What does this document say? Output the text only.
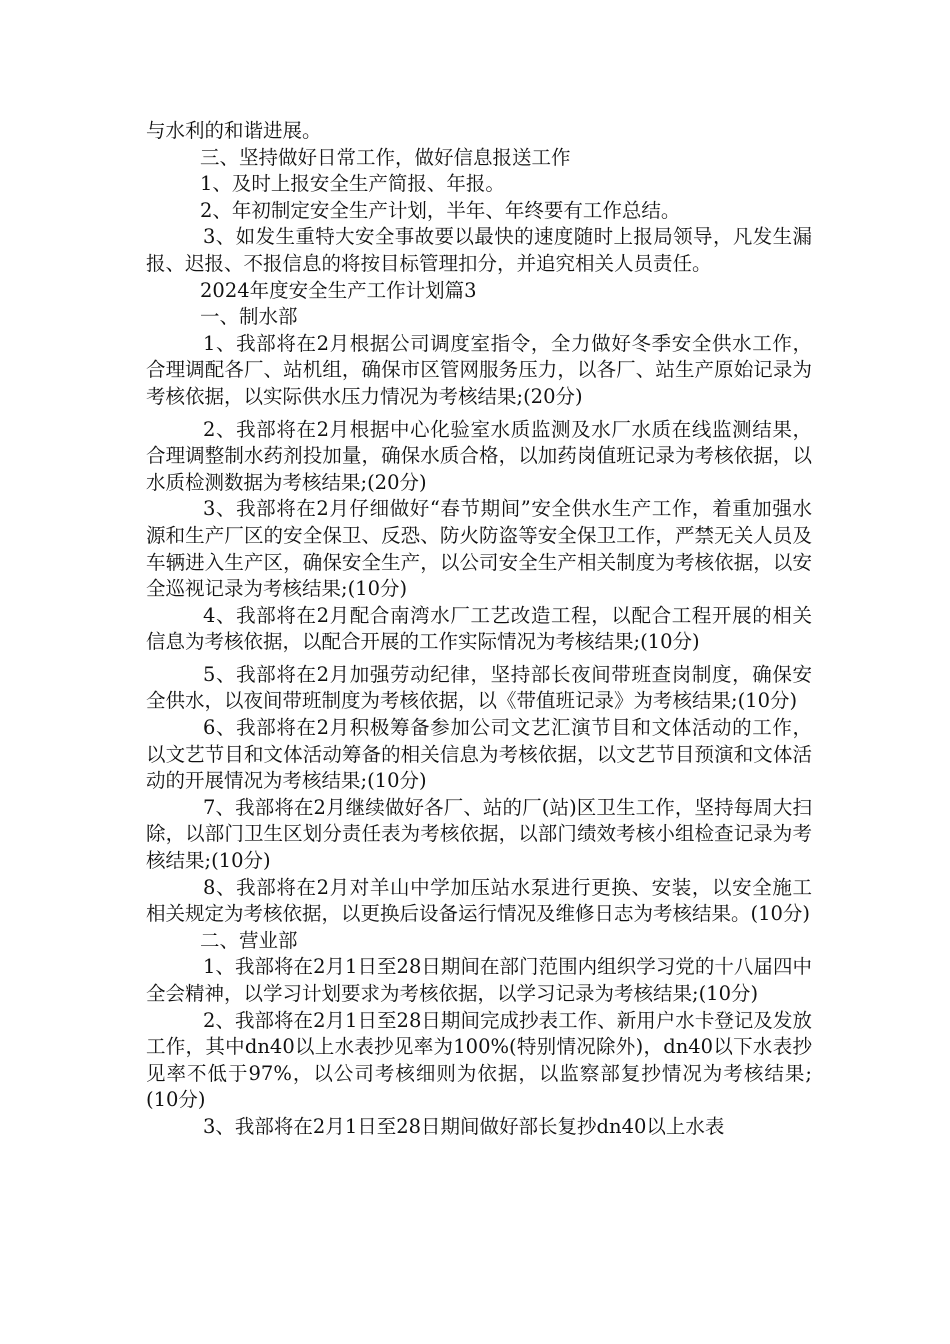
与水利的和谐进展。

三、坚持做好日常工作，做好信息报送工作

1、及时上报安全生产简报、年报。

2、年初制定安全生产计划，半年、年终要有工作总结。

3、如发生重特大安全事故要以最快的速度随时上报局领导，凡发生漏报、迟报、不报信息的将按目标管理扣分，并追究相关人员责任。

2024年度安全生产工作计划篇3

一、制水部

1、我部将在2月根据公司调度室指令，全力做好冬季安全供水工作，合理调配各厂、站机组，确保市区管网服务压力，以各厂、站生产原始记录为考核依据，以实际供水压力情况为考核结果;(20分)

2、我部将在2月根据中心化验室水质监测及水厂水质在线监测结果，合理调整制水药剂投加量，确保水质合格，以加药岗值班记录为考核依据，以水质检测数据为考核结果;(20分)

3、我部将在2月仔细做好“春节期间”安全供水生产工作，着重加强水源和生产厂区的安全保卫、反恐、防火防盗等安全保卫工作，严禁无关人员及车辆进入生产区，确保安全生产，以公司安全生产相关制度为考核依据，以安全巡视记录为考核结果;(10分)

4、我部将在2月配合南湾水厂工艺改造工程，以配合工程开展的相关信息为考核依据，以配合开展的工作实际情况为考核结果;(10分)

5、我部将在2月加强劳动纪律，坚持部长夜间带班查岗制度，确保安全供水，以夜间带班制度为考核依据，以《带值班记录》为考核结果;(10分)

6、我部将在2月积极筹备参加公司文艺汇演节目和文体活动的工作，以文艺节目和文体活动筹备的相关信息为考核依据，以文艺节目预演和文体活动的开展情况为考核结果;(10分)

7、我部将在2月继续做好各厂、站的厂(站)区卫生工作，坚持每周大扫除，以部门卫生区划分责任表为考核依据，以部门绩效考核小组检查记录为考核结果;(10分)

8、我部将在2月对羊山中学加压站水泵进行更换、安装，以安全施工相关规定为考核依据，以更换后设备运行情况及维修日志为考核结果。(10分)

二、营业部

1、我部将在2月1日至28日期间在部门范围内组织学习党的十八届四中全会精神，以学习计划要求为考核依据，以学习记录为考核结果;(10分)

2、我部将在2月1日至28日期间完成抄表工作、新用户水卡登记及发放工作，其中dn40以上水表抄见率为100%(特别情况除外)，dn40以下水表抄见率不低于97%，以公司考核细则为依据，以监察部复抄情况为考核结果;(10分)

3、我部将在2月1日至28日期间做好部长复抄dn40以上水表
